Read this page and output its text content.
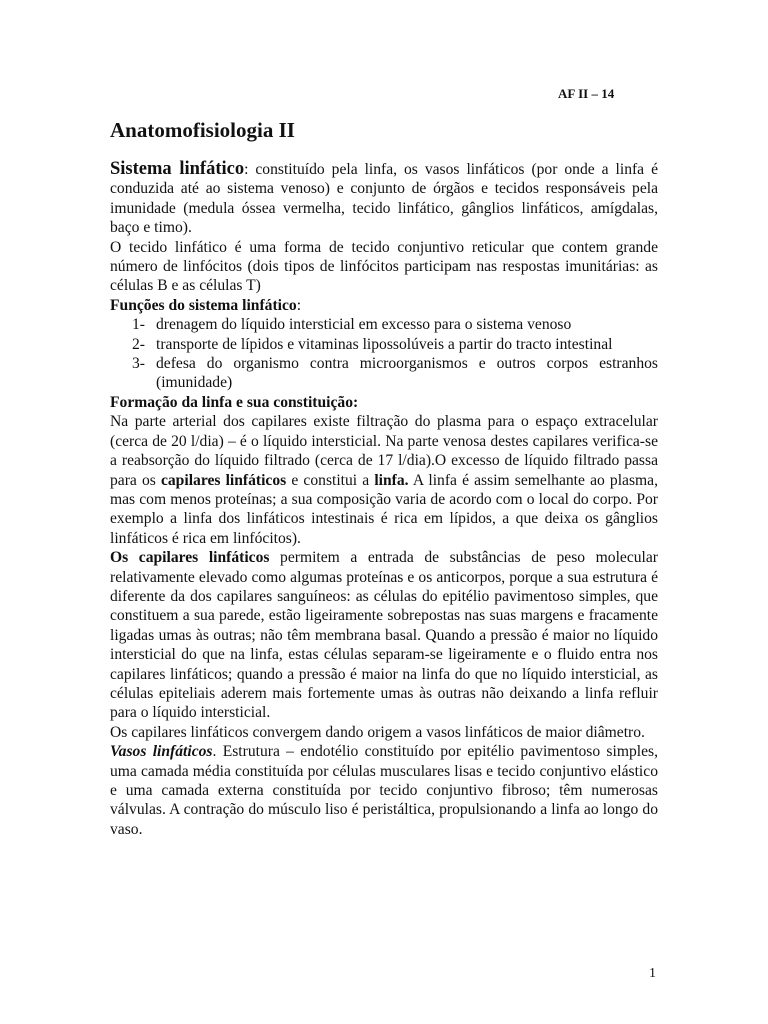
AF II – 14
Anatomofisiologia II

Sistema linfático: constituído pela linfa, os vasos linfáticos (por onde a linfa é conduzida até ao sistema venoso) e conjunto de órgãos e tecidos responsáveis pela imunidade (medula óssea vermelha, tecido linfático, gânglios linfáticos, amígdalas, baço e timo).

O tecido linfático é uma forma de tecido conjuntivo reticular que contem grande número de linfócitos (dois tipos de linfócitos participam nas respostas imunitárias: as células B e as células T)

Funções do sistema linfático:

1- drenagem do líquido intersticial em excesso para o sistema venoso
2- transporte de lípidos e vitaminas lipossolúveis a partir do tracto intestinal
3- defesa do organismo contra microorganismos e outros corpos estranhos (imunidade)

Formação da linfa e sua constituição:

Na parte arterial dos capilares existe filtração do plasma para o espaço extracelular (cerca de 20 l/dia) – é o líquido intersticial. Na parte venosa destes capilares verifica-se a reabsorção do líquido filtrado (cerca de 17 l/dia).O excesso de líquido filtrado passa para os capilares linfáticos e constitui a linfa. A linfa é assim semelhante ao plasma, mas com menos proteínas; a sua composição varia de acordo com o local do corpo. Por exemplo a linfa dos linfáticos intestinais é rica em lípidos, a que deixa os gânglios linfáticos é rica em linfócitos).

Os capilares linfáticos permitem a entrada de substâncias de peso molecular relativamente elevado como algumas proteínas e os anticorpos, porque a sua estrutura é diferente da dos capilares sanguíneos: as células do epitélio pavimentoso simples, que constituem a sua parede, estão ligeiramente sobrepostas nas suas margens e fracamente ligadas umas às outras; não têm membrana basal. Quando a pressão é maior no líquido intersticial do que na linfa, estas células separam-se ligeiramente e o fluido entra nos capilares linfáticos; quando a pressão é maior na linfa do que no líquido intersticial, as células epiteliais aderem mais fortemente umas às outras não deixando a linfa refluir para o líquido intersticial.

Os capilares linfáticos convergem dando origem a vasos linfáticos de maior diâmetro.

Vasos linfáticos. Estrutura – endotélio constituído por epitélio pavimentoso simples, uma camada média constituída por células musculares lisas e tecido conjuntivo elástico e uma camada externa constituída por tecido conjuntivo fibroso; têm numerosas válvulas. A contração do músculo liso é peristáltica, propulsionando a linfa ao longo do vaso.

1
